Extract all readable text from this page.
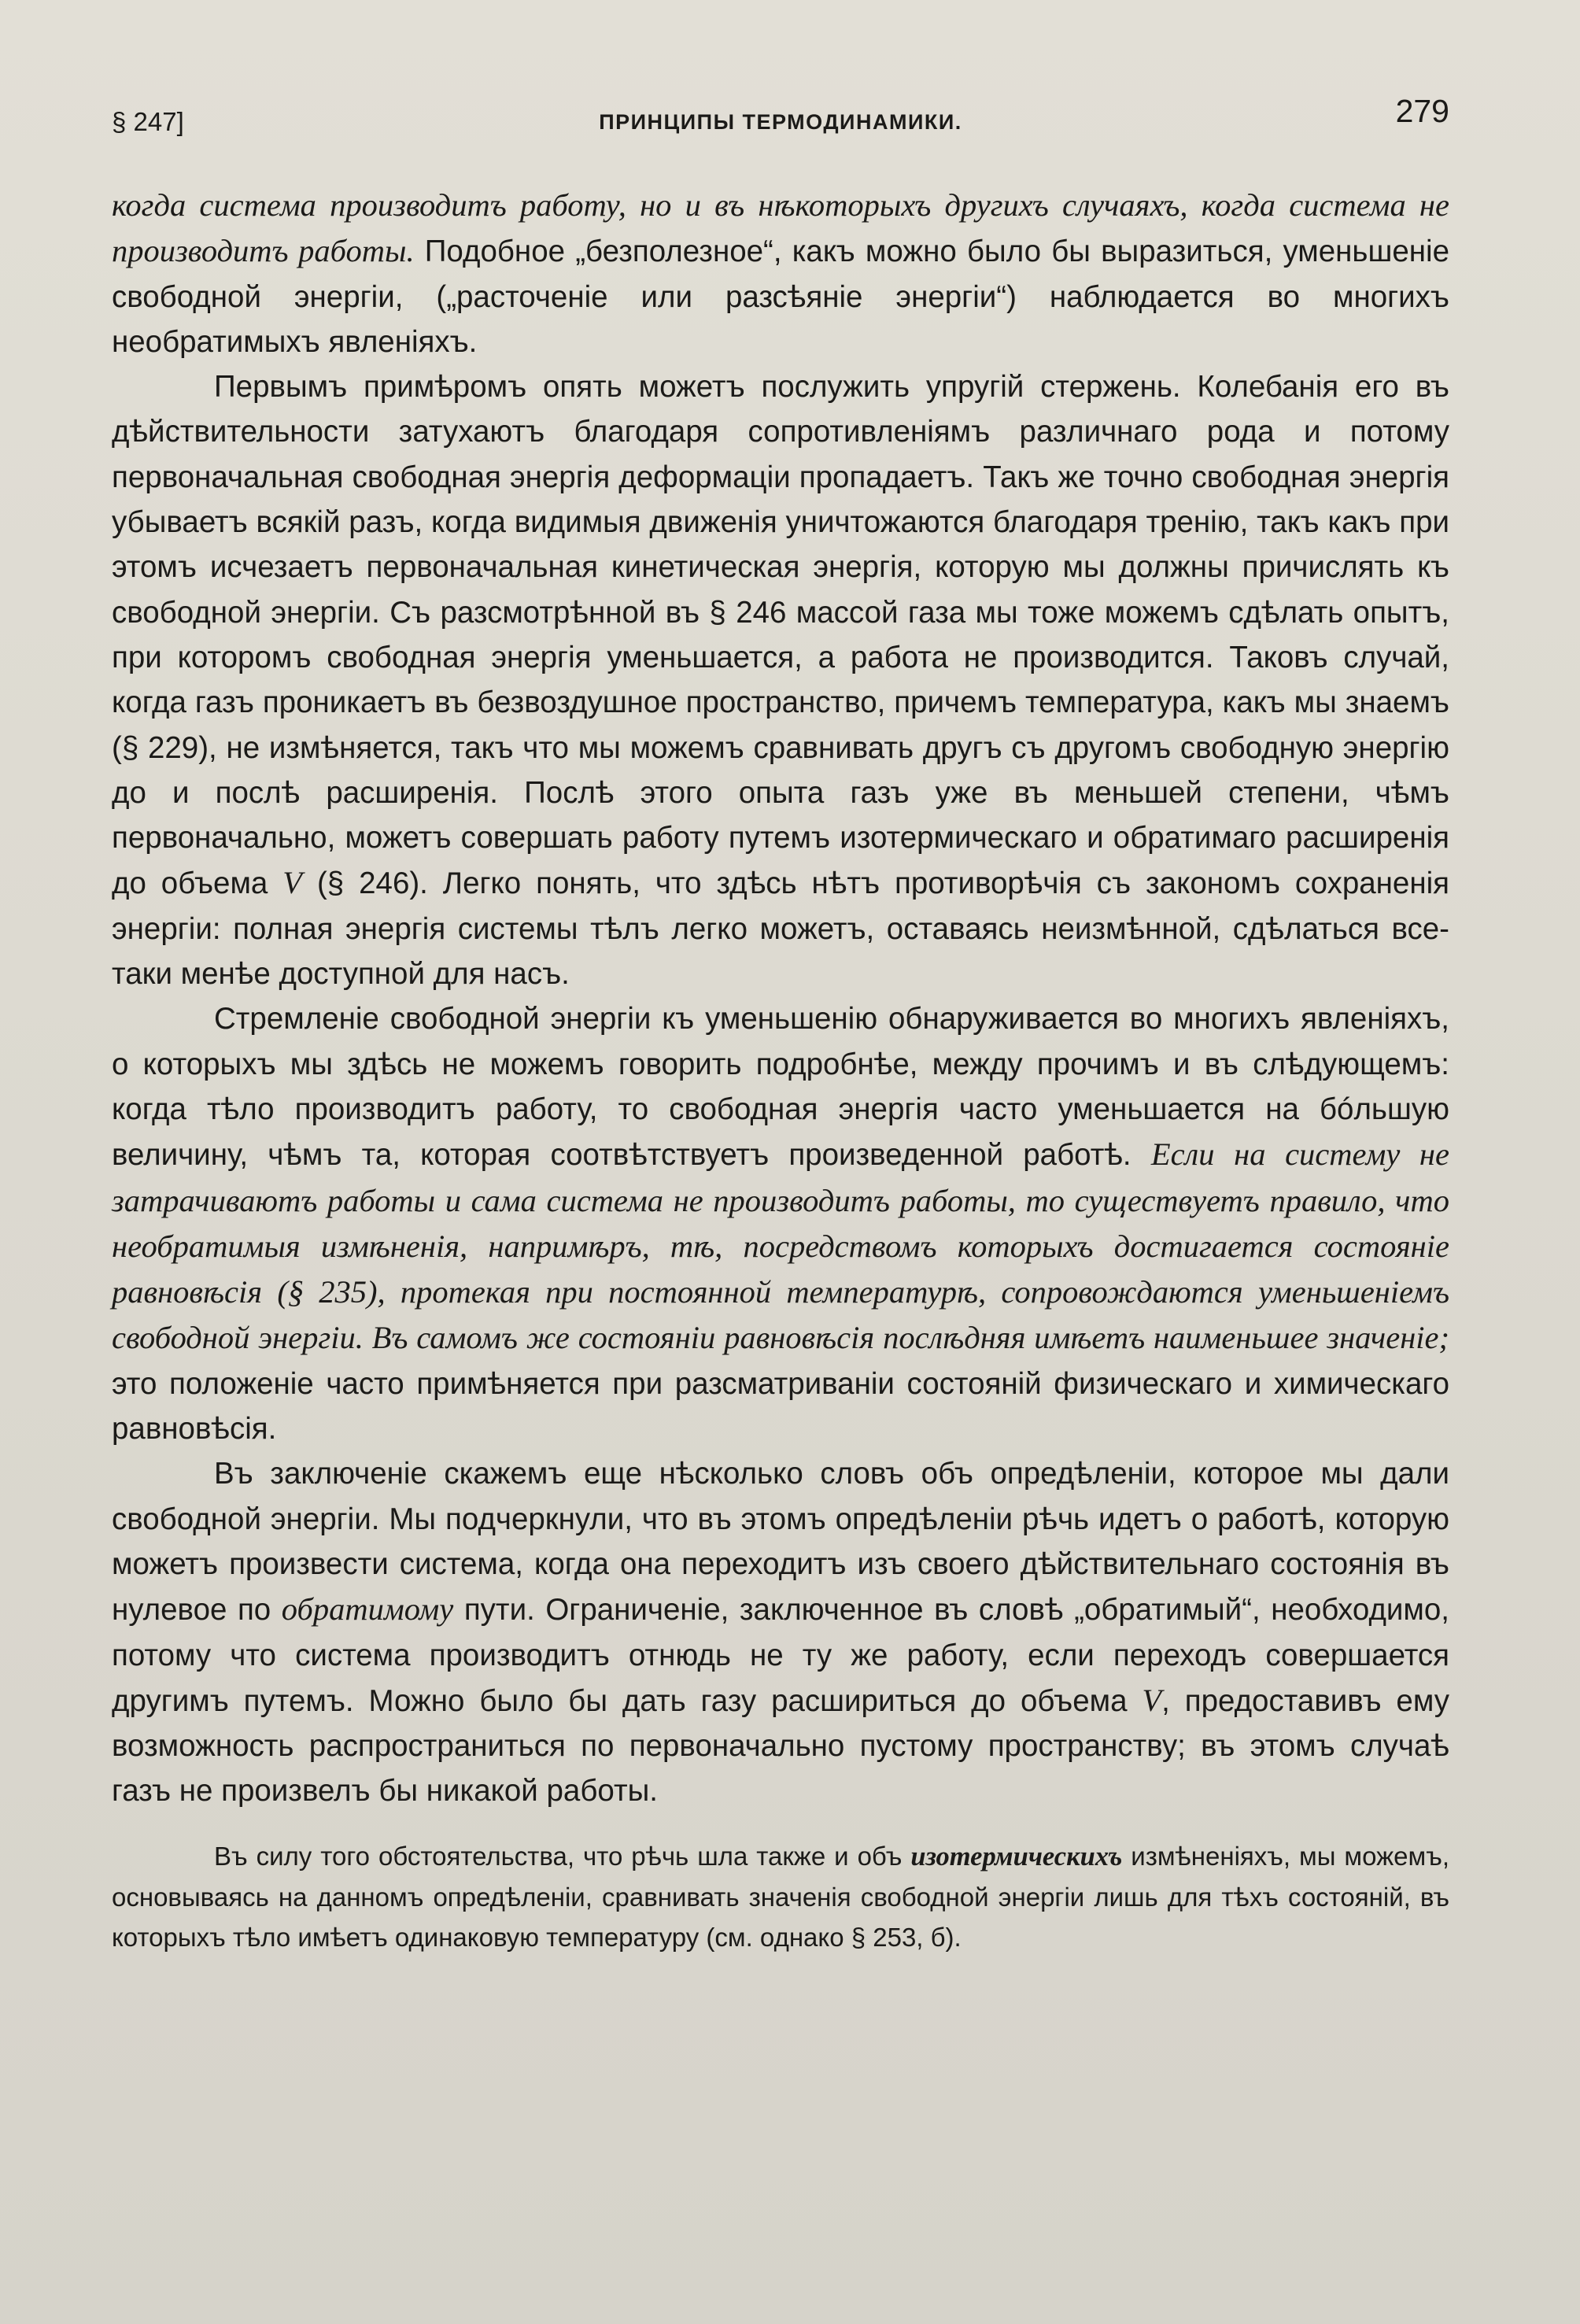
§ 247]	ПРИНЦИПЫ ТЕРМОДИНАМИКИ.	279

когда система производитъ работу, но и въ нѣкоторыхъ другихъ случаяхъ, когда система не производитъ работы. Подобное „безполезное“, какъ можно было бы выразиться, уменьшеніе свободной энергіи, („расточеніе или разсѣяніе энергіи“) наблюдается во многихъ необратимыхъ явленіяхъ.

Первымъ примѣромъ опять можетъ послужить упругій стержень. Колебанія его въ дѣйствительности затухаютъ благодаря сопротивленіямъ различнаго рода и потому первоначальная свободная энергія деформаціи пропадаетъ. Такъ же точно свободная энергія убываетъ всякій разъ, когда видимыя движенія уничтожаются благодаря тренію, такъ какъ при этомъ исчезаетъ первоначальная кинетическая энергія, которую мы должны причислять къ свободной энергіи. Съ разсмотрѣнной въ § 246 массой газа мы тоже можемъ сдѣлать опытъ, при которомъ свободная энергія уменьшается, а работа не производится. Таковъ случай, когда газъ проникаетъ въ безвоздушное пространство, причемъ температура, какъ мы знаемъ (§ 229), не измѣняется, такъ что мы можемъ сравнивать другъ съ другомъ свободную энергію до и послѣ расширенія. Послѣ этого опыта газъ уже въ меньшей степени, чѣмъ первоначально, можетъ совершать работу путемъ изотермическаго и обратимаго расширенія до объема V (§ 246). Легко понять, что здѣсь нѣтъ противорѣчія съ закономъ сохраненія энергіи: полная энергія системы тѣлъ легко можетъ, оставаясь неизмѣнной, сдѣлаться все-таки менѣе доступной для насъ.

Стремленіе свободной энергіи къ уменьшенію обнаруживается во многихъ явленіяхъ, о которыхъ мы здѣсь не можемъ говорить подробнѣе, между прочимъ и въ слѣдующемъ: когда тѣло производитъ работу, то свободная энергія часто уменьшается на бóльшую величину, чѣмъ та, которая соотвѣтствуетъ произведенной работѣ. Если на систему не затрачиваютъ работы и сама система не производитъ работы, то существуетъ правило, что необратимыя измѣненія, напримѣръ, тѣ, посредствомъ которыхъ достигается состояніе равновѣсія (§ 235), протекая при постоянной температурѣ, сопровождаются уменьшеніемъ свободной энергіи. Въ самомъ же состояніи равновѣсія послѣдняя имѣетъ наименьшее значеніе; это положеніе часто примѣняется при разсматриваніи состояній физическаго и химическаго равновѣсія.

Въ заключеніе скажемъ еще нѣсколько словъ объ опредѣленіи, которое мы дали свободной энергіи. Мы подчеркнули, что въ этомъ опредѣленіи рѣчь идетъ о работѣ, которую можетъ произвести система, когда она переходитъ изъ своего дѣйствительнаго состоянія въ нулевое по обратимому пути. Ограниченіе, заключенное въ словѣ „обратимый“, необходимо, потому что система производитъ отнюдь не ту же работу, если переходъ совершается другимъ путемъ. Можно было бы дать газу расшириться до объема V, предоставивъ ему возможность распространиться по первоначально пустому пространству; въ этомъ случаѣ газъ не произвелъ бы никакой работы.

Въ силу того обстоятельства, что рѣчь шла также и объ изотермическихъ измѣненіяхъ, мы можемъ, основываясь на данномъ опредѣленіи, сравнивать значенія свободной энергіи лишь для тѣхъ состояній, въ которыхъ тѣло имѣетъ одинаковую температуру (см. однако § 253, б).
